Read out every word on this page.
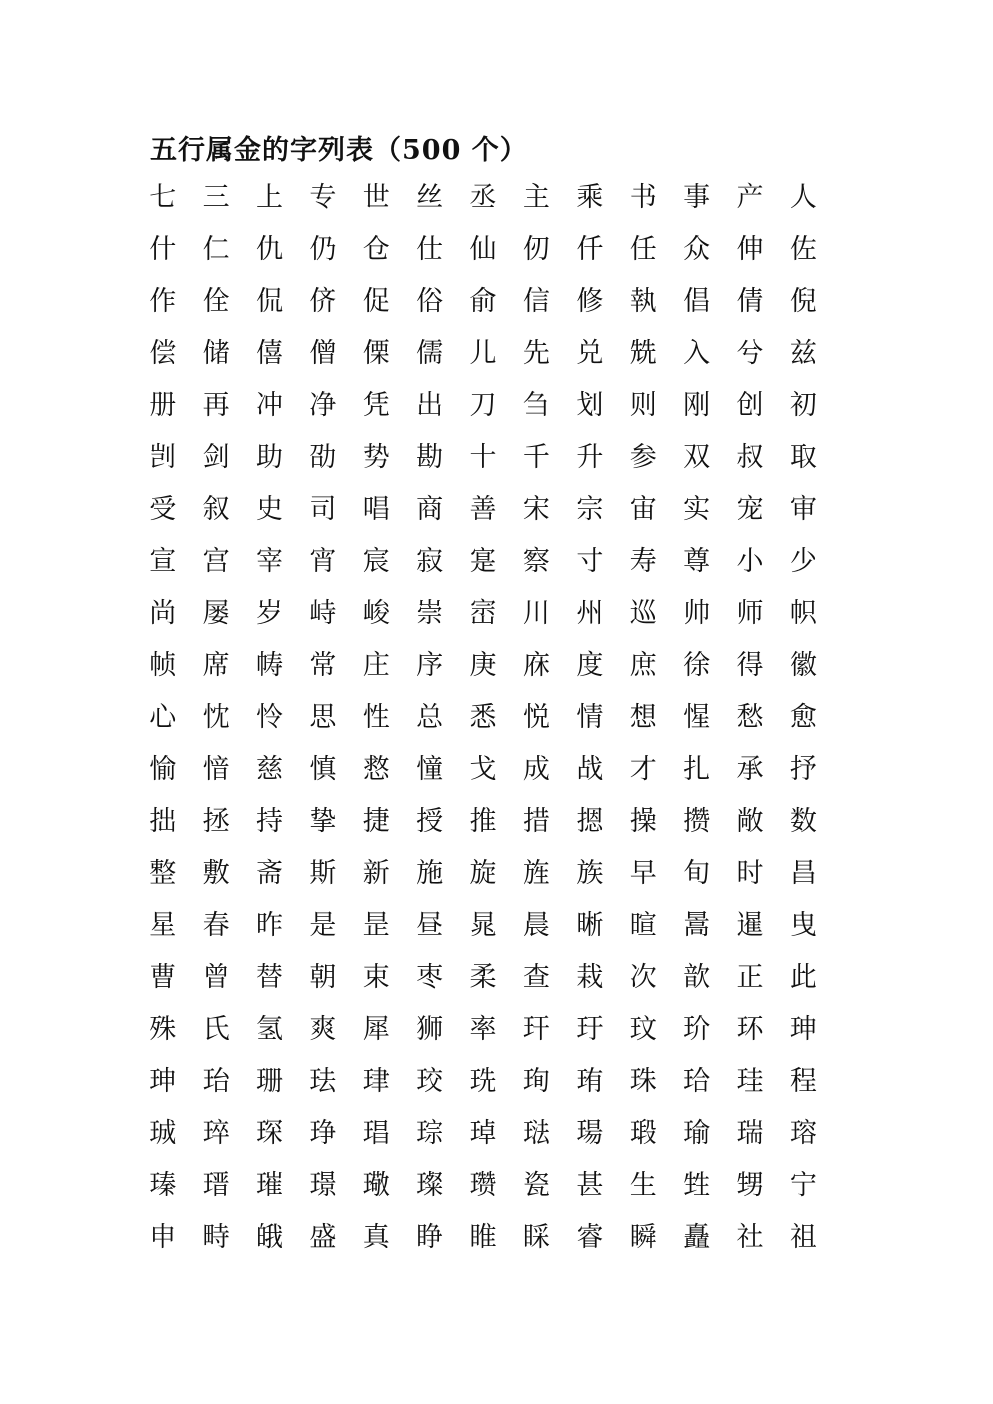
五行属金的字列表（500 个）
七 三 上 专 世 丝 丞 主 乘 书 事 产 人
什 仁 仇 仍 仓 仕 仙 仞 仟 任 众 伸 佐
作 佺 侃 侪 促 俗 俞 信 修 執 倡 倩 倪
偿 储 僖 僧 傈 儒 儿 先 兑 兟 入 兮 兹
册 再 冲 净 凭 出 刀 刍 划 则 刚 创 初
剀 剑 助 劭 势 勘 十 千 升 参 双 叔 取
受 叙 史 司 唱 商 善 宋 宗 宙 实 宠 审
宣 宫 宰 宵 宸 寂 寔 察 寸 寿 尊 小 少
尚 屡 岁 峙 峻 崇 崈 川 州 巡 帅 师 帜
帧 席 帱 常 庄 序 庚 庥 度 庶 徐 得 徽
心 忱 怜 思 性 总 悉 悦 情 想 惺 愁 愈
愉 愔 慈 慎 慦 憧 戈 成 战 才 扎 承 抒
拙 拯 持 挚 捷 授 推 措 摁 操 攒 敞 数
整 敷 斋 斯 新 施 旋 旌 族 早 旬 时 昌
星 春 昨 是 昰 昼 晁 晨 晰 暄 暠 暹 曳
曹 曾 替 朝 束 枣 柔 查 栽 次 歆 正 此
殊 氏 氢 爽 犀 狮 率 玕 玗 玟 玠 环 珅
珅 珆 珊 珐 珒 珓 珗 珣 珛 珠 珨 珪 程
珹 琗 琛 琤 琩 琮 琸 琺 瑒 瑖 瑜 瑞 瑢
瑧 瑨 璀 璟 璥 璨 瓒 瓷 甚 生 甡 甥 宁
申 畤 皒 盛 真 睁 睢 睬 睿 瞬 矗 社 祖
